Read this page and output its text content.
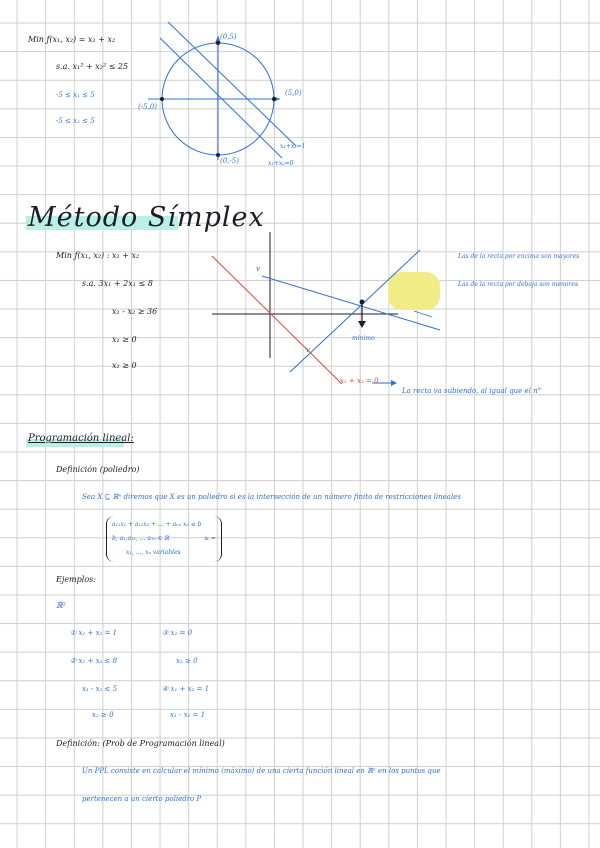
Min ƒ(x₁, x₂) = x₁ + x₂
s.a. x₁² + x₂² ≤ 25
-5 ≤ x₁ ≤ 5
-5 ≤ x₂ ≤ 5
(0,5)
(5,0)
(-5,0)
(0,-5)
x₁+x₂=1
x₁+x₂=0
Método Símplex
Min ƒ(x₁, x₂) : x₁ + x₂
s.a. 3x₁ + 2x₁ ≤ 8
x₁ - x₂ ≥ 36
x₁ ≥ 0
x₂ ≥ 0
v
v
mínimo
x₁ + x₂ = 0
La recta va subiendo, al igual que el n°
Las de la recta por encima son mayores
Las de la recta por debajo son menores
Programación lineal:
Definición (poliedro)
Sea X ⊆ ℝⁿ diremos que X es un poliedro si es la intersección de un número finito de restricciones lineales
a₁₁x₁ + a₁₂x₂ + ... + aₙₙ xₙ ≤ b
b, a₁,a₁₂, ... a₁ₙ ∈ ℝ
x₁, ..., xₙ variables
≥ =
Ejemplos:
ℝ²
① x₁ + x₂ = 1
② x₁ + x₂ ≤ 8
x₁ - x₂ ≤ 5
x₂ ≥ 0
③ x₂ = 0
x₂ ≥ 0
④ x₁ + x₂ = 1
x₁ - x₂ = 1
Definición: (Prob de Programación lineal)
Un PPL consiste en calcular el mínimo (máximo) de una cierta función lineal en ℝⁿ en los puntos que
pertenecen a un cierto poliedro P
